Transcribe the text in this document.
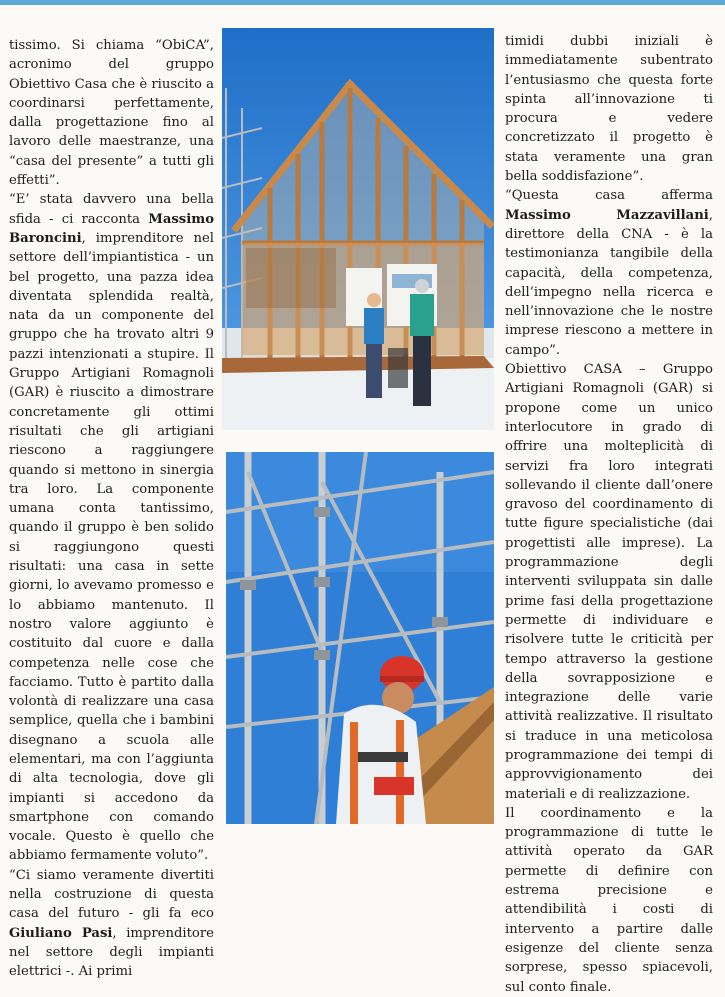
tissimo. Si chiama “ObiCA”, acronimo del gruppo Obiettivo Casa che è riuscito a coordinarsi perfettamente, dalla progettazione fino al lavoro delle maestranze, una “casa del presente” a tutti gli effetti”.

“E’ stata davvero una bella sfida - ci racconta Massimo Baroncini, imprenditore nel settore dell’impiantistica - un bel progetto, una pazza idea diventata splendida realtà, nata da un componente del gruppo che ha trovato altri 9 pazzi intenzionati a stupire. Il Gruppo Artigiani Romagnoli (GAR) è riuscito a dimostrare concretamente gli ottimi risultati che gli artigiani riescono a raggiungere quando si mettono in sinergia tra loro. La componente umana conta tantissimo, quando il gruppo è ben solido si raggiungono questi risultati: una casa in sette giorni, lo avevamo promesso e lo abbiamo mantenuto. Il nostro valore aggiunto è costituito dal cuore e dalla competenza nelle cose che facciamo. Tutto è partito dalla volontà di realizzare una casa semplice, quella che i bambini disegnano a scuola alle elementari, ma con l’aggiunta di alta tecnologia, dove gli impianti si accedono da smartphone con comando vocale. Questo è quello che abbiamo fermamente voluto”.

“Ci siamo veramente divertiti nella costruzione di questa casa del futuro - gli fa eco Giuliano Pasi, imprenditore nel settore degli impianti elettrici -. Ai primi

timidi dubbi iniziali è immediatamente subentrato l’entusiasmo che questa forte spinta all’innovazione ti procura e vedere concretizzato il progetto è stata veramente una gran bella soddisfazione”.

“Questa casa afferma Massimo Mazzavillani, direttore della CNA - è la testimonianza tangibile della capacità, della competenza, dell’impegno nella ricerca e nell’innovazione che le nostre imprese riescono a mettere in campo”.

Obiettivo CASA – Gruppo Artigiani Romagnoli (GAR) si propone come un unico interlocutore in grado di offrire una molteplicità di servizi fra loro integrati sollevando il cliente dall’onere gravoso del coordinamento di tutte figure specialistiche (dai progettisti alle imprese). La programmazione degli interventi sviluppata sin dalle prime fasi della progettazione permette di individuare e risolvere tutte le criticità per tempo attraverso la gestione della sovrapposizione e integrazione delle varie attività realizzative. Il risultato si traduce in una meticolosa programmazione dei tempi di approvvigionamento dei materiali e di realizzazione.

Il coordinamento e la programmazione di tutte le attività operato da GAR permette di definire con estrema precisione e attendibilità i costi di intervento a partire dalle esigenze del cliente senza sorprese, spesso spiacevoli, sul conto finale.
